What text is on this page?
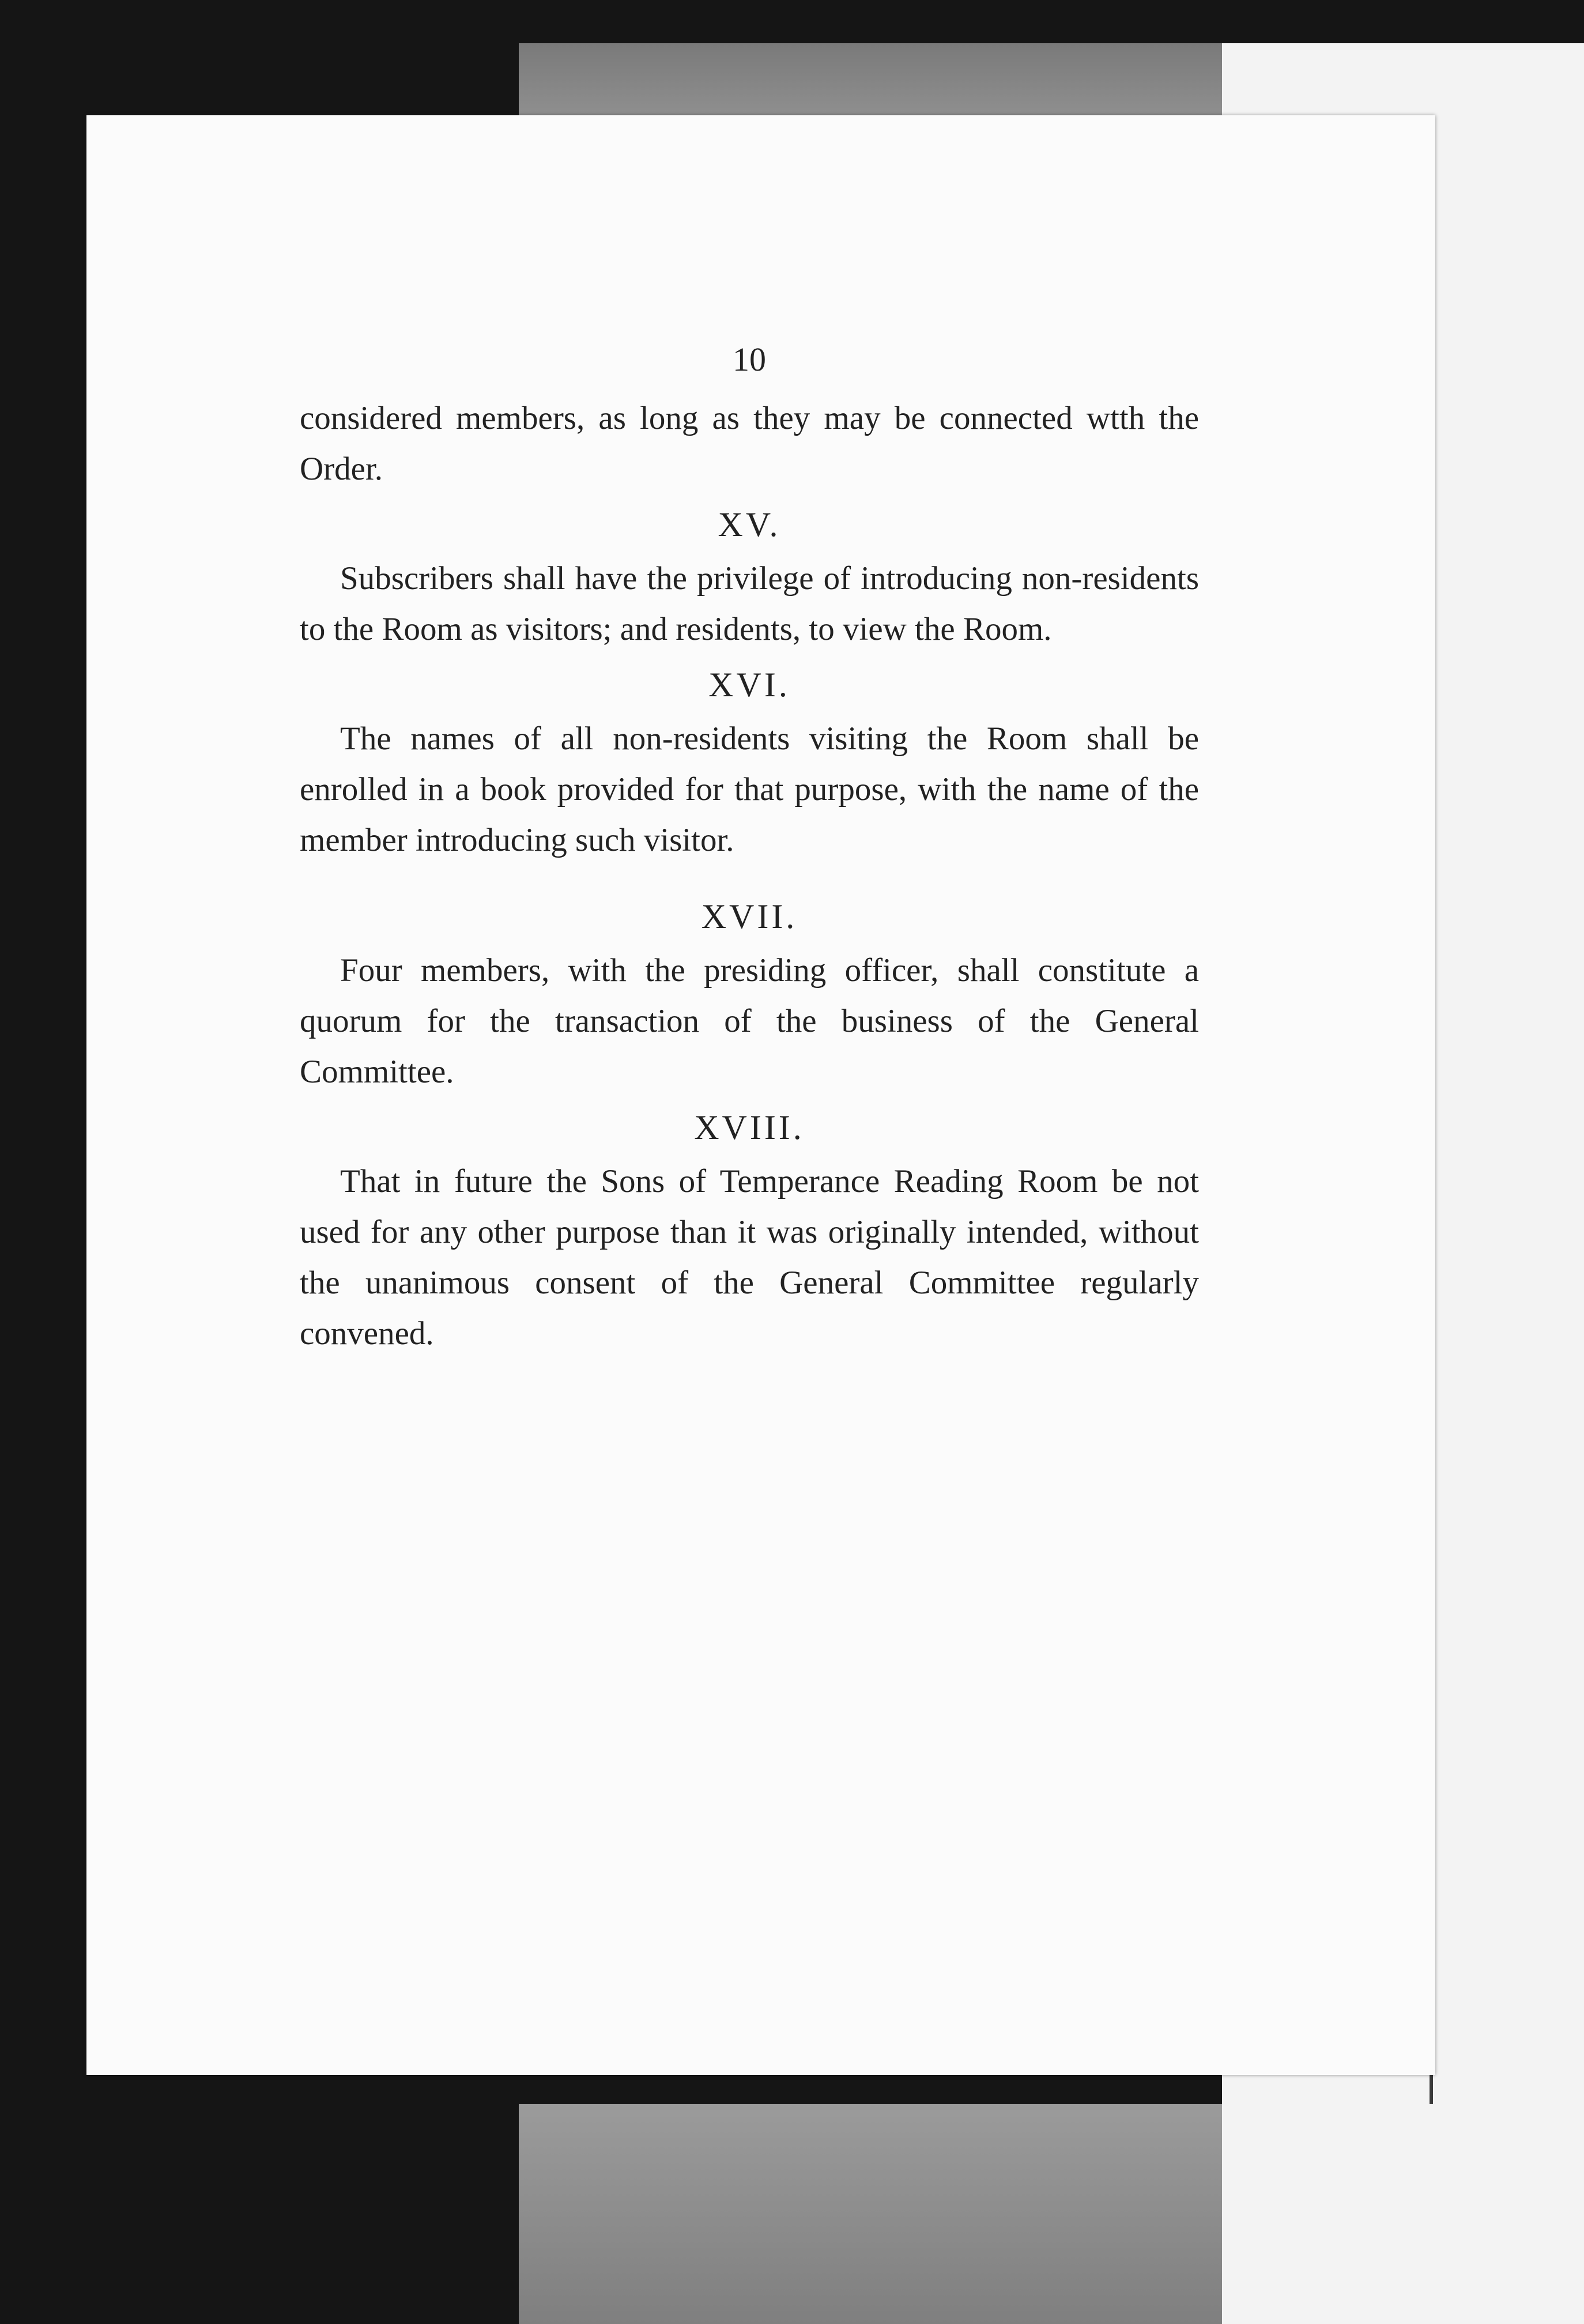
10

considered members, as long as they may be connected wtth the Order.

XV.

Subscribers shall have the privilege of introducing non-residents to the Room as visitors; and residents, to view the Room.

XVI.

The names of all non-residents visiting the Room shall be enrolled in a book provided for that purpose, with the name of the member introducing such visitor.

XVII.

Four members, with the presiding officer, shall constitute a quorum for the transaction of the business of the General Committee.

XVIII.

That in future the Sons of Temperance Reading Room be not used for any other purpose than it was originally intended, without the unanimous consent of the General Committee regularly convened.
